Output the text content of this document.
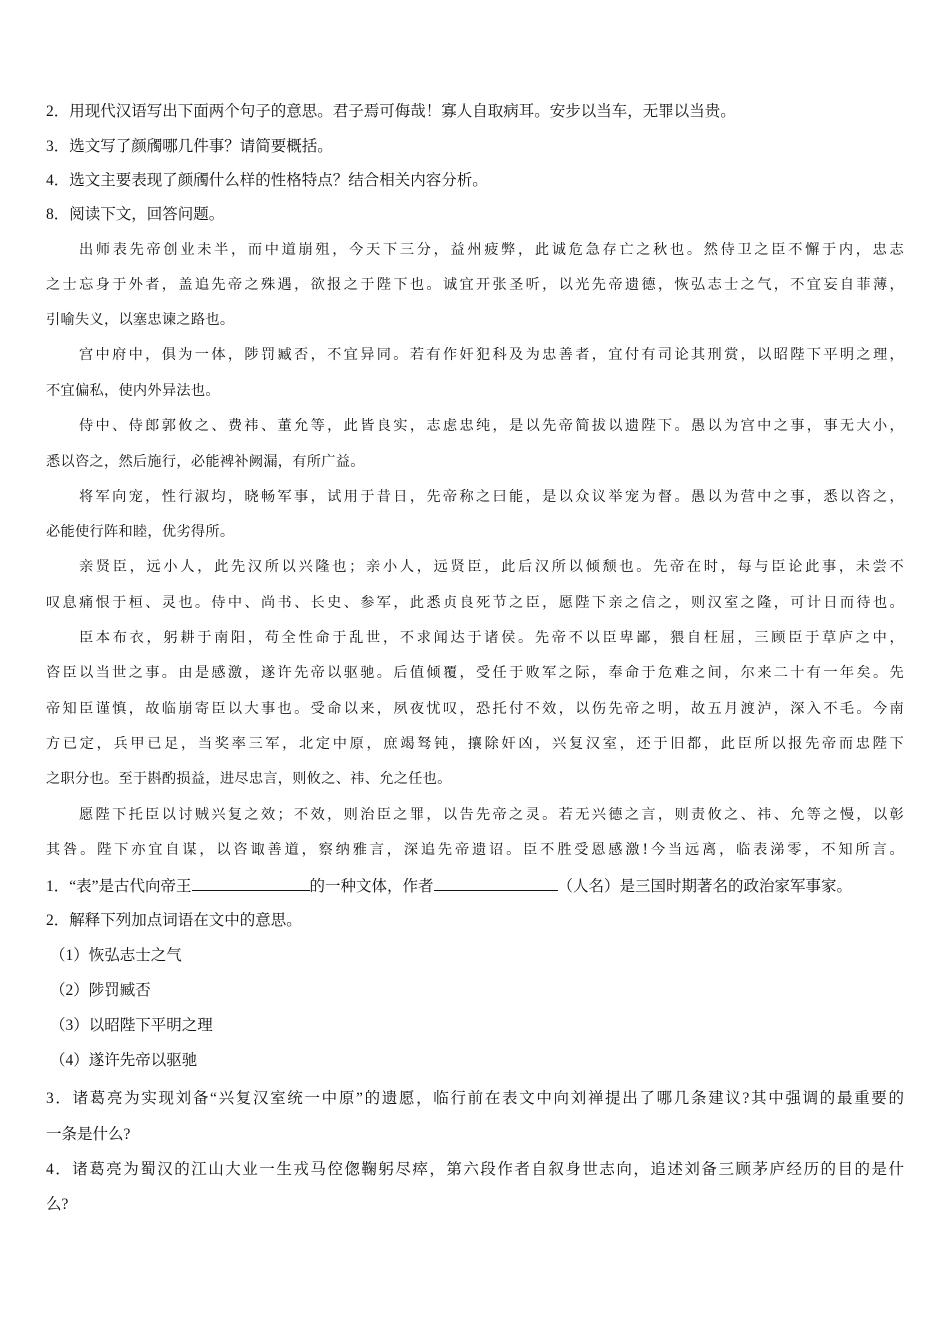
2．用现代汉语写出下面两个句子的意思。君子焉可侮哉！寡人自取病耳。安步以当车，无罪以当贵。
3．选文写了颜斶哪几件事？请简要概括。
4．选文主要表现了颜斶什么样的性格特点？结合相关内容分析。
8．阅读下文，回答问题。
出师表先帝创业未半，而中道崩殂，今天下三分，益州疲弊，此诚危急存亡之秋也。然侍卫之臣不懈于内，忠志
之士忘身于外者，盖追先帝之殊遇，欲报之于陛下也。诚宜开张圣听，以光先帝遗德，恢弘志士之气，不宜妄自菲薄，
引喻失义，以塞忠谏之路也。
宫中府中，俱为一体，陟罚臧否，不宜异同。若有作奸犯科及为忠善者，宜付有司论其刑赏，以昭陛下平明之理，
不宜偏私，使内外异法也。
侍中、侍郎郭攸之、费祎、董允等，此皆良实，志虑忠纯，是以先帝简拔以遗陛下。愚以为宫中之事，事无大小，
悉以咨之，然后施行，必能裨补阙漏，有所广益。
将军向宠，性行淑均，晓畅军事，试用于昔日，先帝称之曰能，是以众议举宠为督。愚以为营中之事，悉以咨之，
必能使行阵和睦，优劣得所。
亲贤臣，远小人，此先汉所以兴隆也；亲小人，远贤臣，此后汉所以倾颓也。先帝在时，每与臣论此事，未尝不
叹息痛恨于桓、灵也。侍中、尚书、长史、参军，此悉贞良死节之臣，愿陛下亲之信之，则汉室之隆，可计日而待也。
臣本布衣，躬耕于南阳，苟全性命于乱世，不求闻达于诸侯。先帝不以臣卑鄙，猥自枉屈，三顾臣于草庐之中，
咨臣以当世之事。由是感激，遂许先帝以驱驰。后值倾覆，受任于败军之际，奉命于危难之间，尔来二十有一年矣。先
帝知臣谨慎，故临崩寄臣以大事也。受命以来，夙夜忧叹，恐托付不效，以伤先帝之明，故五月渡泸，深入不毛。今南
方已定，兵甲已足，当奖率三军，北定中原，庶竭驽钝，攘除奸凶，兴复汉室，还于旧都，此臣所以报先帝而忠陛下
之职分也。至于斟酌损益，进尽忠言，则攸之、祎、允之任也。
愿陛下托臣以讨贼兴复之效；不效，则治臣之罪，以告先帝之灵。若无兴德之言，则责攸之、祎、允等之慢，以彰
其咎。陛下亦宜自谋，以咨诹善道，察纳雅言，深追先帝遗诏。臣不胜受恩感激!今当远离，临表涕零，不知所言。
1．“表”是古代向帝王	的一种文体，作者	（人名）是三国时期著名的政治家军事家。
2．解释下列加点词语在文中的意思。
（1）恢弘志士之气
（2）陟罚臧否
（3）以昭陛下平明之理
（4）遂许先帝以驱驰
3．诸葛亮为实现刘备“兴复汉室统一中原”的遗愿，临行前在表文中向刘禅提出了哪几条建议?其中强调的最重要的
一条是什么?
4．诸葛亮为蜀汉的江山大业一生戎马倥偬鞠躬尽瘁，第六段作者自叙身世志向，追述刘备三顾茅庐经历的目的是什
么?
